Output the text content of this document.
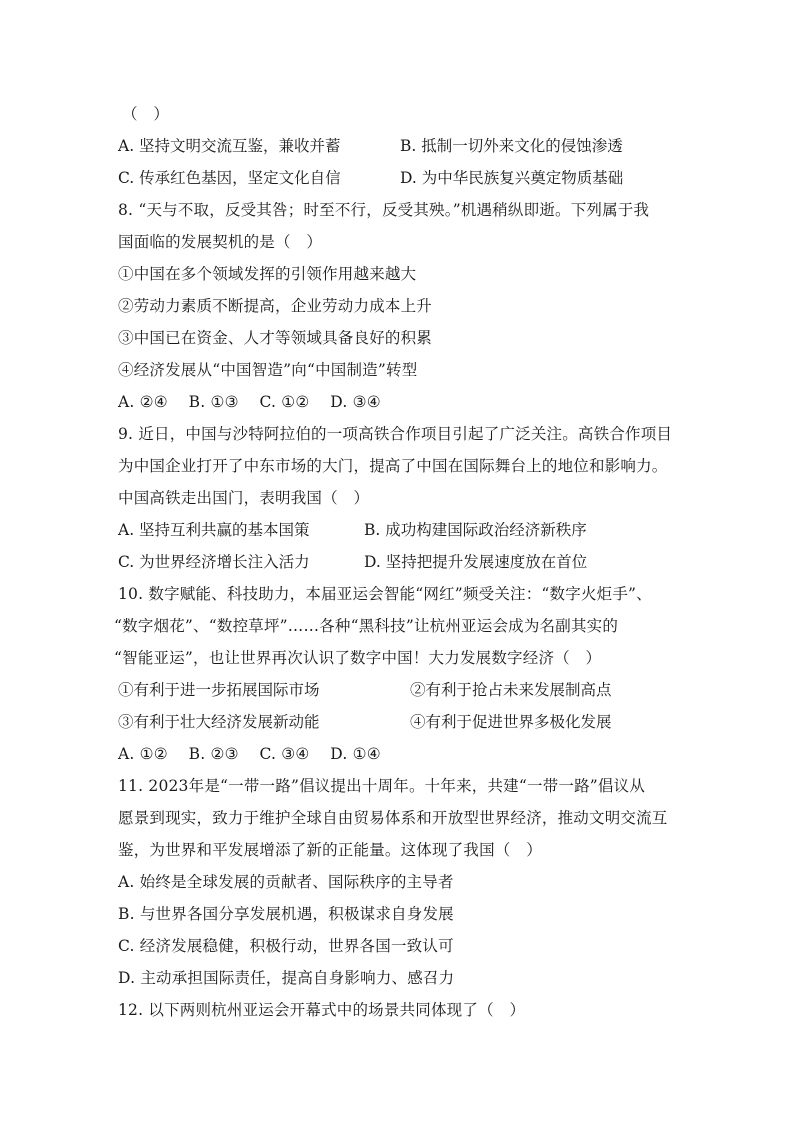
（　）
A. 坚持文明交流互鉴，兼收并蓄	B. 抵制一切外来文化的侵蚀渗透
C. 传承红色基因，坚定文化自信	D. 为中华民族复兴奠定物质基础
8. “天与不取，反受其咎；时至不行，反受其殃。”机遇稍纵即逝。下列属于我
国面临的发展契机的是（　）
①中国在多个领域发挥的引领作用越来越大
②劳动力素质不断提高，企业劳动力成本上升
③中国已在资金、人才等领域具备良好的积累
④经济发展从“中国智造”向“中国制造”转型
A. ②④　 B. ①③　 C. ①②　 D. ③④
9. 近日，中国与沙特阿拉伯的一项高铁合作项目引起了广泛关注。高铁合作项目
为中国企业打开了中东市场的大门，提高了中国在国际舞台上的地位和影响力。
中国高铁走出国门，表明我国（　）
A. 坚持互利共赢的基本国策	B. 成功构建国际政治经济新秩序
C. 为世界经济增长注入活力	D. 坚持把提升发展速度放在首位
10. 数字赋能、科技助力，本届亚运会智能“网红”频受关注：“数字火炬手”、
“数字烟花”、“数控草坪”……各种“黑科技”让杭州亚运会成为名副其实的
“智能亚运”，也让世界再次认识了数字中国！大力发展数字经济（　）
①有利于进一步拓展国际市场	②有利于抢占未来发展制高点
③有利于壮大经济发展新动能	④有利于促进世界多极化发展
A. ①②　 B. ②③　 C. ③④　 D. ①④
11. 2023年是“一带一路”倡议提出十周年。十年来，共建“一带一路”倡议从
愿景到现实，致力于维护全球自由贸易体系和开放型世界经济，推动文明交流互
鉴，为世界和平发展增添了新的正能量。这体现了我国（　）
A. 始终是全球发展的贡献者、国际秩序的主导者
B. 与世界各国分享发展机遇，积极谋求自身发展
C. 经济发展稳健，积极行动，世界各国一致认可
D. 主动承担国际责任，提高自身影响力、感召力
12. 以下两则杭州亚运会开幕式中的场景共同体现了（　）
